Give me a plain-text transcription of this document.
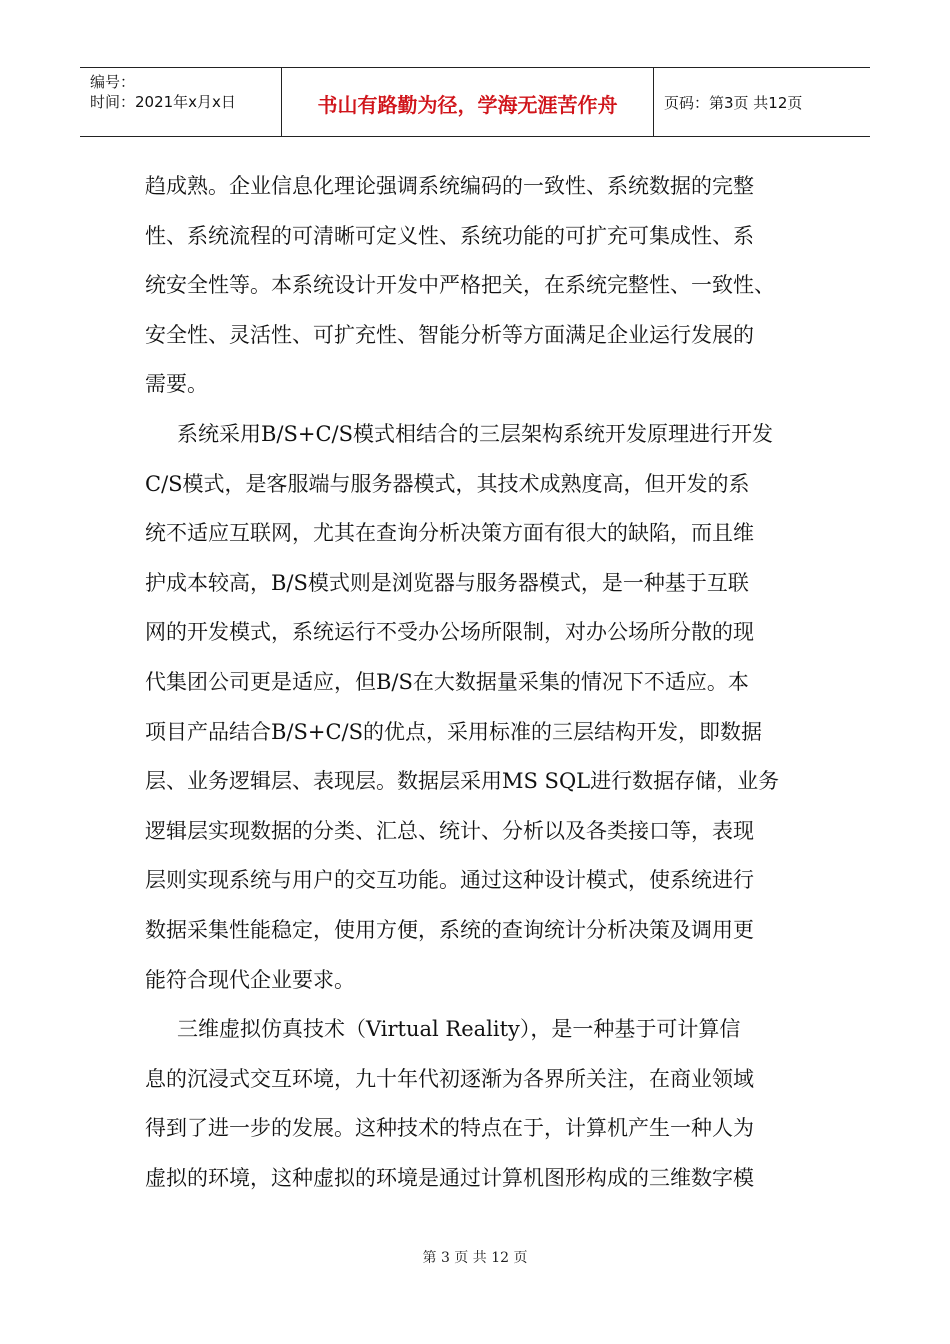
编号：
时间：2021年x月x日	书山有路勤为径，学海无涯苦作舟	页码：第3页 共12页
趋成熟。企业信息化理论强调系统编码的一致性、系统数据的完整
性、系统流程的可清晰可定义性、系统功能的可扩充可集成性、系
统安全性等。本系统设计开发中严格把关，在系统完整性、一致性、
安全性、灵活性、可扩充性、智能分析等方面满足企业运行发展的
需要。
系统采用B/S+C/S模式相结合的三层架构系统开发原理进行开发
C/S模式，是客服端与服务器模式，其技术成熟度高，但开发的系
统不适应互联网，尤其在查询分析决策方面有很大的缺陷，而且维
护成本较高，B/S模式则是浏览器与服务器模式，是一种基于互联
网的开发模式，系统运行不受办公场所限制，对办公场所分散的现
代集团公司更是适应，但B/S在大数据量采集的情况下不适应。本
项目产品结合B/S+C/S的优点，采用标准的三层结构开发，即数据
层、业务逻辑层、表现层。数据层采用MS SQL进行数据存储，业务
逻辑层实现数据的分类、汇总、统计、分析以及各类接口等，表现
层则实现系统与用户的交互功能。通过这种设计模式，使系统进行
数据采集性能稳定，使用方便，系统的查询统计分析决策及调用更
能符合现代企业要求。
三维虚拟仿真技术（Virtual Reality），是一种基于可计算信
息的沉浸式交互环境，九十年代初逐渐为各界所关注，在商业领域
得到了进一步的发展。这种技术的特点在于，计算机产生一种人为
虚拟的环境，这种虚拟的环境是通过计算机图形构成的三维数字模
第 3 页 共 12 页
